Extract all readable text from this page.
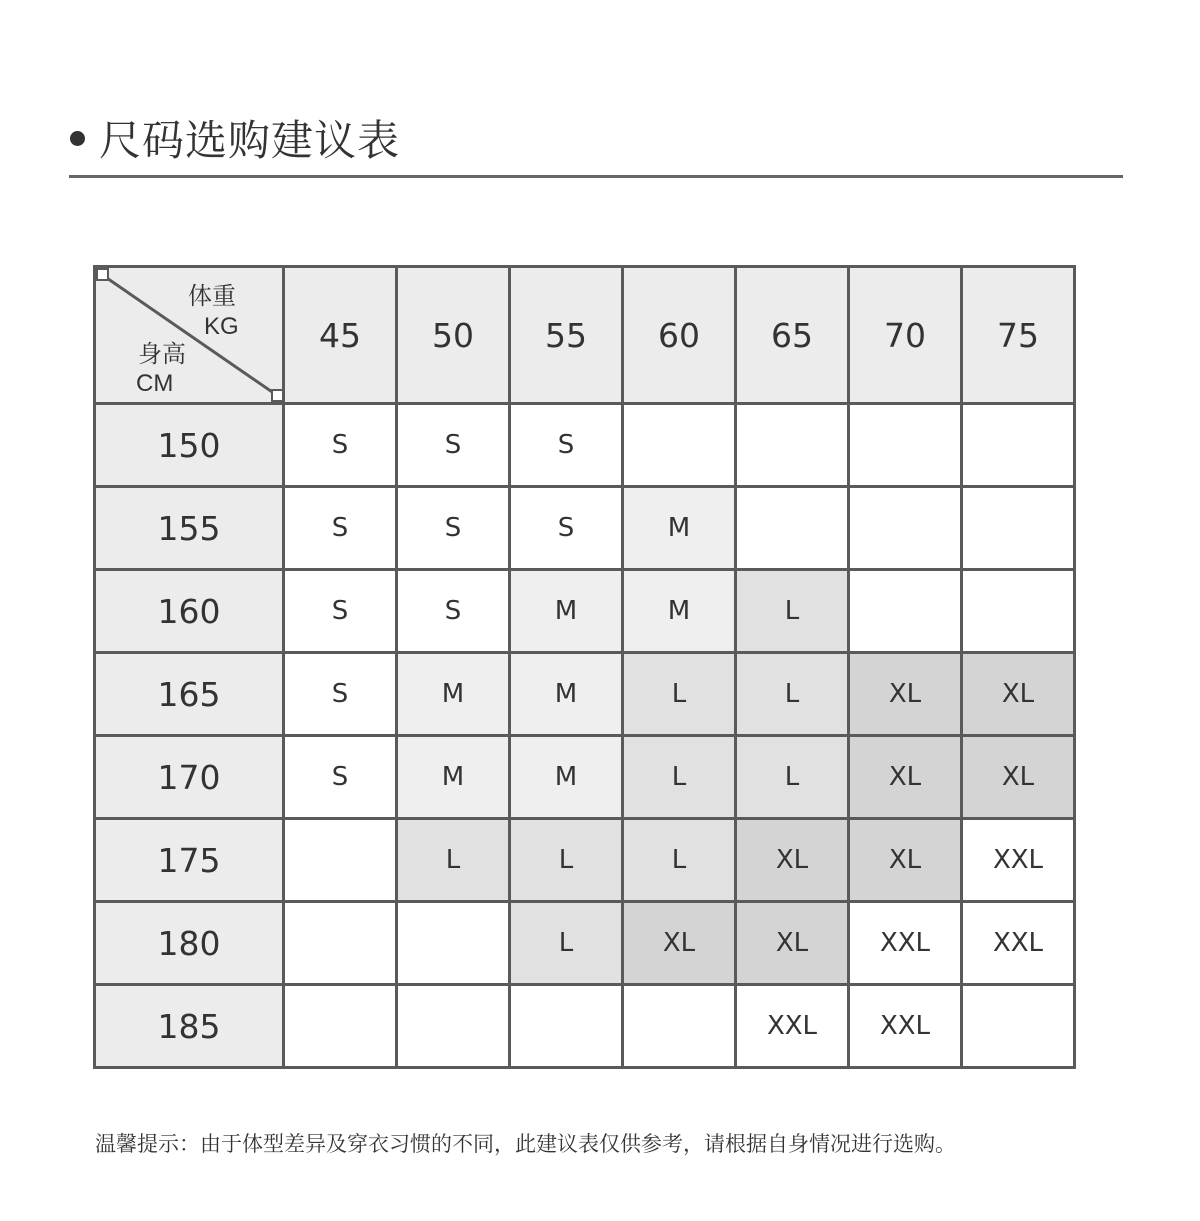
尺码选购建议表
体重
KG
身高
CM	45	50	55	60	65	70	75
150	S	S	S				
155	S	S	S	M			
160	S	S	M	M	L		
165	S	M	M	L	L	XL	XL
170	S	M	M	L	L	XL	XL
175		L	L	L	XL	XL	XXL
180			L	XL	XL	XXL	XXL
185					XXL	XXL	
温馨提示：由于体型差异及穿衣习惯的不同，此建议表仅供参考，请根据自身情况进行选购。
